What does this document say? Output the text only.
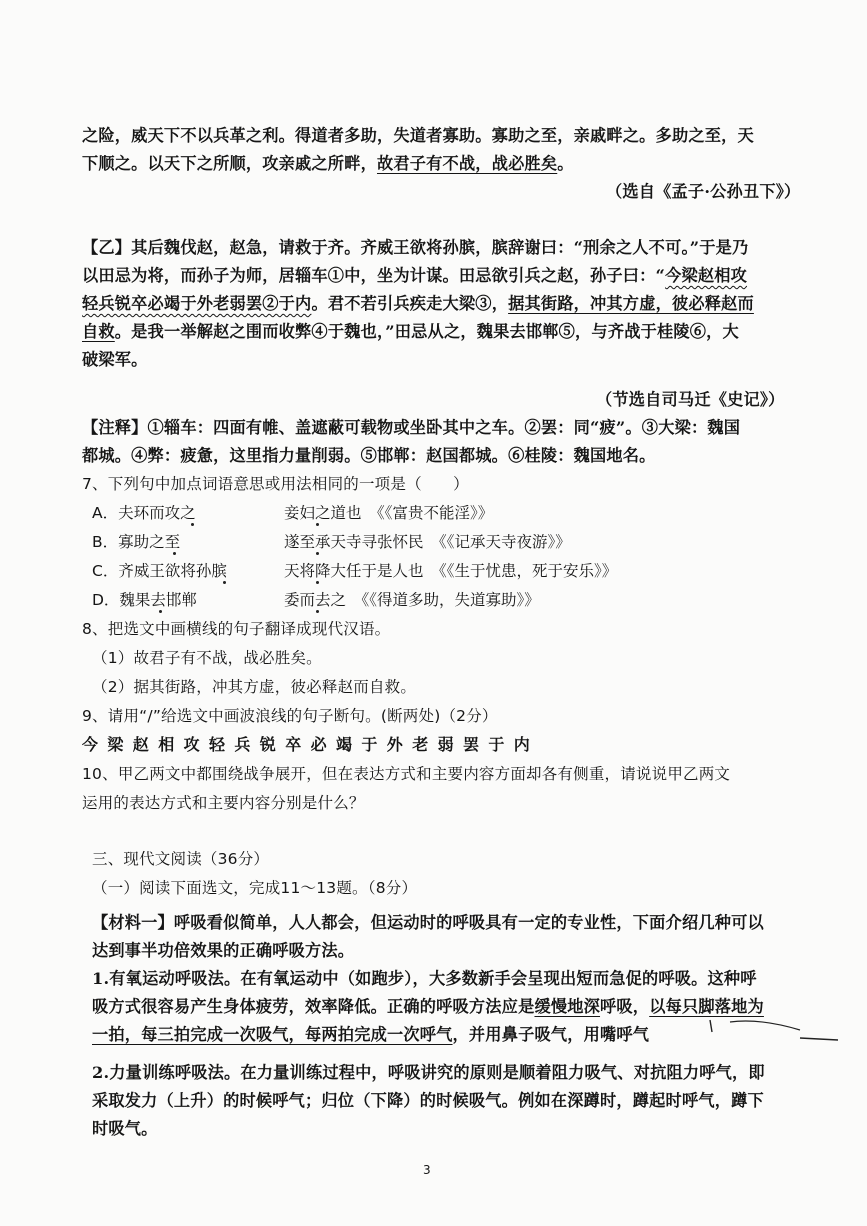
之险，威天下不以兵革之利。得道者多助，失道者寡助。寡助之至，亲戚畔之。多助之至，天
下顺之。以天下之所顺，攻亲戚之所畔，故君子有不战，战必胜矣。
（选自《孟子·公孙丑下》）
【乙】其后魏伐赵，赵急，请救于齐。齐威王欲将孙膑，膑辞谢曰：“刑余之人不可。”于是乃
以田忌为将，而孙子为师，居辎车①中，坐为计谋。田忌欲引兵之赵，孙子曰：“今梁赵相攻
轻兵锐卒必竭于外老弱罢②于内。君不若引兵疾走大梁③，据其街路，冲其方虚，彼必释赵而
自救。是我一举解赵之围而收弊④于魏也，”田忌从之，魏果去邯郸⑤，与齐战于桂陵⑥，大
破梁军。
（节选自司马迁《史记》）
【注释】①辎车：四面有帷、盖遮蔽可载物或坐卧其中之车。②罢：同“疲”。③大梁：魏国
都城。④弊：疲惫，这里指力量削弱。⑤邯郸：赵国都城。⑥桂陵：魏国地名。
7、下列句中加点词语意思或用法相同的一项是（　　）
A．夫环而攻之	妾妇之道也　《《富贵不能淫》》
B．寡助之至	遂至承天寺寻张怀民　《《记承天寺夜游》》
C．齐威王欲将孙膑	天将降大任于是人也　《《生于忧患，死于安乐》》
D．魏果去邯郸	委而去之　《《得道多助，失道寡助》》
8、把选文中画横线的句子翻译成现代汉语。
（1）故君子有不战，战必胜矣。
（2）据其街路，冲其方虚，彼必释赵而自救。
9、请用“/”给选文中画波浪线的句子断句。(断两处)（2分）
今梁赵相攻轻兵锐卒必竭于外老弱罢于内
10、甲乙两文中都围绕战争展开，但在表达方式和主要内容方面却各有侧重，请说说甲乙两文
运用的表达方式和主要内容分别是什么？
三、现代文阅读（36分）
（一）阅读下面选文，完成11～13题。（8分）
【材料一】呼吸看似简单，人人都会，但运动时的呼吸具有一定的专业性，下面介绍几种可以
达到事半功倍效果的正确呼吸方法。
1.有氧运动呼吸法。在有氧运动中（如跑步），大多数新手会呈现出短而急促的呼吸。这种呼
吸方式很容易产生身体疲劳，效率降低。正确的呼吸方法应是缓慢地深呼吸，以每只脚落地为
一拍，每三拍完成一次吸气，每两拍完成一次呼气，并用鼻子吸气，用嘴呼气
2.力量训练呼吸法。在力量训练过程中，呼吸讲究的原则是顺着阻力吸气、对抗阻力呼气，即
采取发力（上升）的时候呼气；归位（下降）的时候吸气。例如在深蹲时，蹲起时呼气，蹲下
时吸气。
3
